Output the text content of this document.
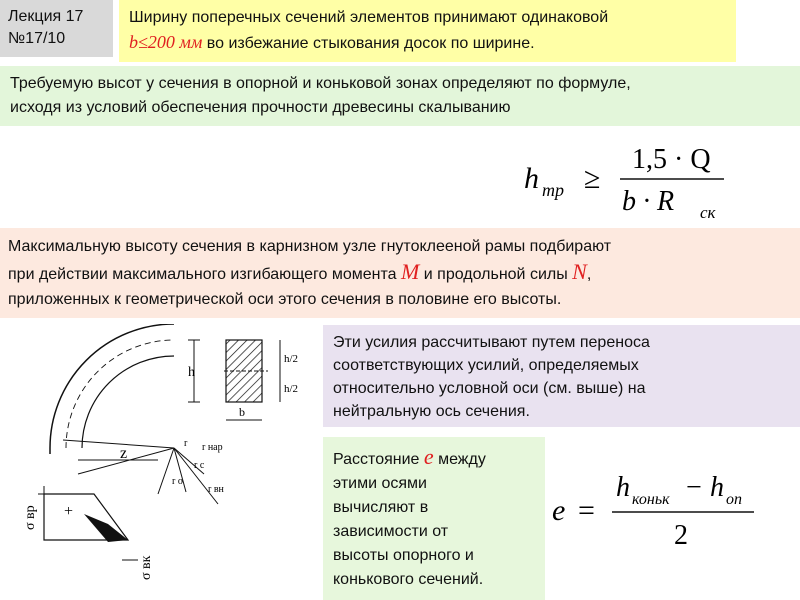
Лекция 17
№17/10
Ширину поперечных сечений элементов принимают одинаковой
b≤200 мм во избежание стыкования досок по ширине.
Требуемую высот у сечения в опорной и коньковой зонах определяют по формуле,
исходя из условий обеспечения прочности древесины скалыванию
h тр ≥
1,5 · Q
b · R ск
Максимальную высоту сечения в карнизном узле гнутоклееной рамы подбирают
при действии максимального изгибающего момента M и продольной силы N,
приложенных к геометрической оси этого сечения в половине его высоты.
z
h
h/2
h/2
b
r r нар
r c
r o
r вн
+
σ вр
σ вк
Эти усилия рассчитывают путем переноса
соответствующих усилий, определяемых
относительно условной оси (см. выше) на
нейтральную ось сечения.
Расстояние e между
этими осями
вычисляют в
зависимости от
высоты опорного и
конькового сечений.
e =
h коньк − h оп
2
